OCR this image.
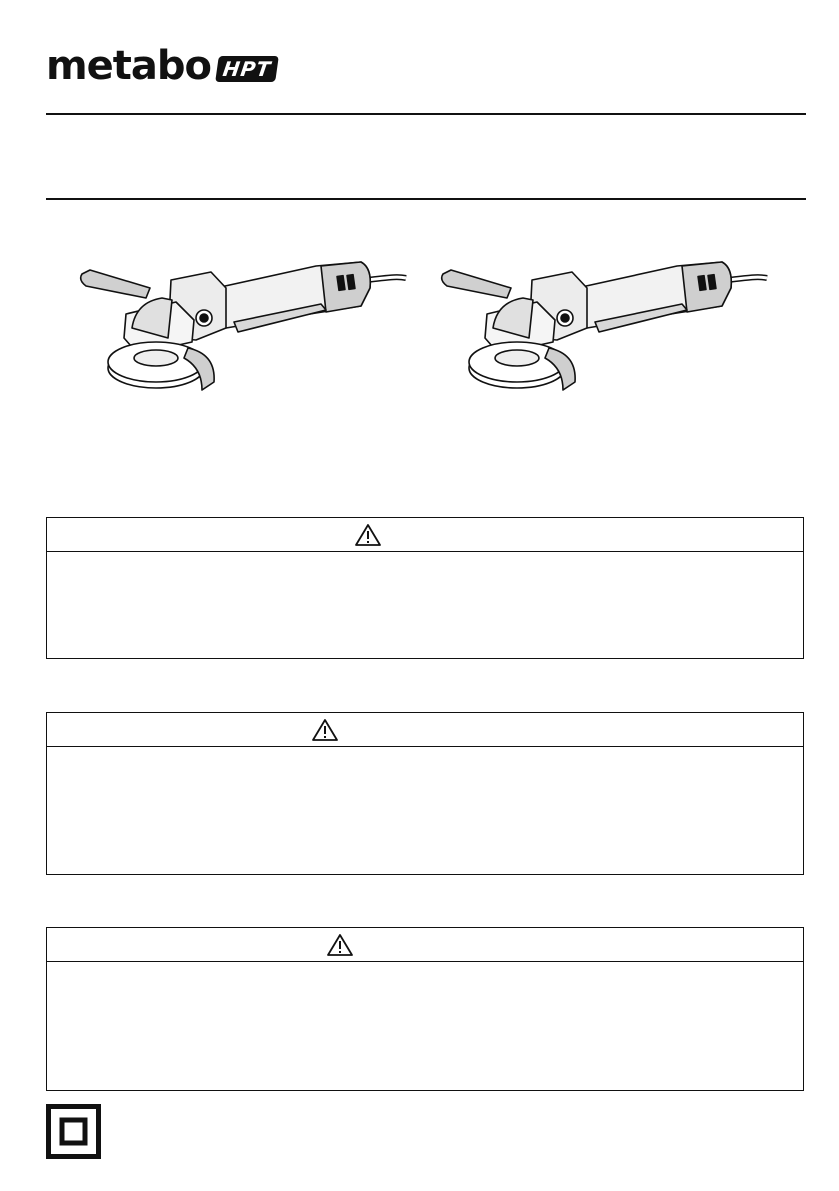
metabo HPT
